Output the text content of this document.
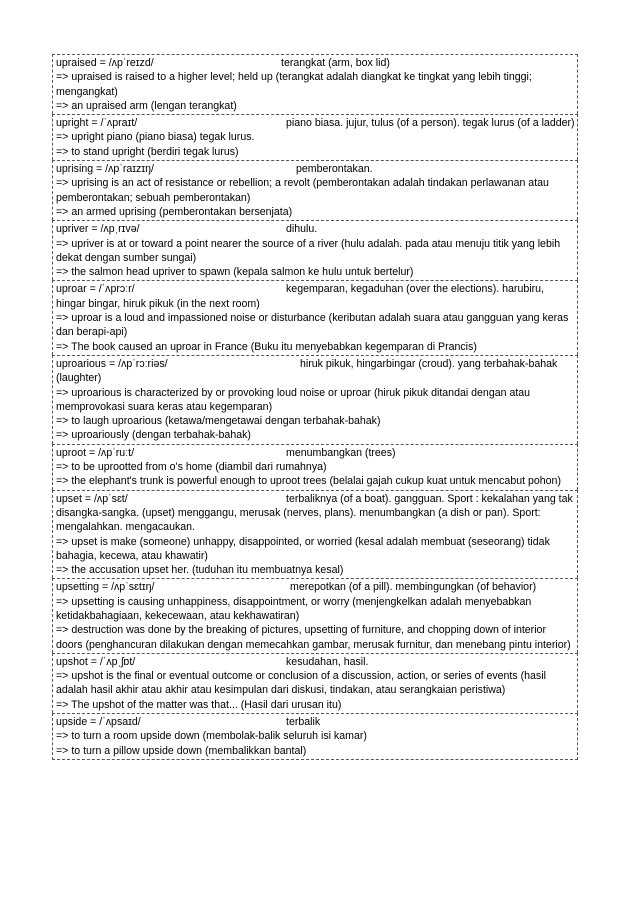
upraised = /ʌpˈreɪzd/	terangkat (arm, box lid)

=> upraised is raised to a higher level; held up (terangkat adalah diangkat ke tingkat yang lebih tinggi; mengangkat)

=> an upraised arm (lengan terangkat)

upright = /ˈʌpraɪt/	piano biasa. jujur, tulus (of a person). tegak lurus (of a ladder)

=> upright piano (piano biasa) tegak lurus.

=> to stand upright (berdiri tegak lurus)

uprising = /ʌpˈraɪzɪŋ/	pemberontakan.

=> uprising is an act of resistance or rebellion; a revolt (pemberontakan adalah tindakan perlawanan atau pemberontakan; sebuah pemberontakan)

=> an armed uprising (pemberontakan bersenjata)

upriver = /ʌpˌrɪvə/	dihulu.

=> upriver is at or toward a point nearer the source of a river (hulu adalah. pada atau menuju titik yang lebih dekat dengan sumber sungai)

=> the salmon head upriver to spawn (kepala salmon ke hulu untuk bertelur)

uproar = /ˈʌprɔːr/	kegemparan, kegaduhan (over the elections). harubiru,

hingar bingar, hiruk pikuk (in the next room)

=> uproar is a loud and impassioned noise or disturbance (keributan adalah suara atau gangguan yang keras dan berapi-api)

=> The book caused an uproar in France (Buku itu menyebabkan kegemparan di Prancis)

uproarious = /ʌpˈrɔːriəs/	hiruk pikuk, hingarbingar (croud). yang terbahak-bahak

(laughter)

=> uproarious is characterized by or provoking loud noise or uproar (hiruk pikuk ditandai dengan atau memprovokasi suara keras atau kegemparan)

=> to laugh uproarious (ketawa/mengetawai dengan terbahak-bahak)

=> uproariously (dengan terbahak-bahak)

uproot = /ʌpˈruːt/	menumbangkan (trees)

=> to be uprootted from o's home (diambil dari rumahnya)

=> the elephant's trunk is powerful enough to uproot trees (belalai gajah cukup kuat untuk mencabut pohon)

upset = /ʌpˈsɛt/	terbaliknya (of a boat). gangguan. Sport : kekalahan yang tak

disangka-sangka. (upset) menggangu, merusak (nerves, plans). menumbangkan (a dish or pan). Sport: mengalahkan. mengacaukan.

=> upset is make (someone) unhappy, disappointed, or worried (kesal adalah membuat (seseorang) tidak bahagia, kecewa, atau khawatir)

=> the accusation upset her. (tuduhan itu membuatnya kesal)

upsetting = /ʌpˈsɛtɪŋ/	merepotkan (of a pill). membingungkan (of behavior)

=> upsetting is causing unhappiness, disappointment, or worry (menjengkelkan adalah menyebabkan ketidakbahagiaan, kekecewaan, atau kekhawatiran)

=> destruction was done by the breaking of pictures, upsetting of furniture, and chopping down of interior doors (penghancuran dilakukan dengan memecahkan gambar, merusak furnitur, dan menebang pintu interior)

upshot = /ˈʌpˌʃɒt/	kesudahan, hasil.

=> upshot is the final or eventual outcome or conclusion of a discussion, action, or series of events (hasil adalah hasil akhir atau akhir atau kesimpulan dari diskusi, tindakan, atau serangkaian peristiwa)

=> The upshot of the matter was that... (Hasil dari urusan itu)

upside = /ˈʌpsaɪd/	terbalik

=> to turn a room upside down (membolak-balik seluruh isi kamar)

=> to turn a pillow upside down (membalikkan bantal)
